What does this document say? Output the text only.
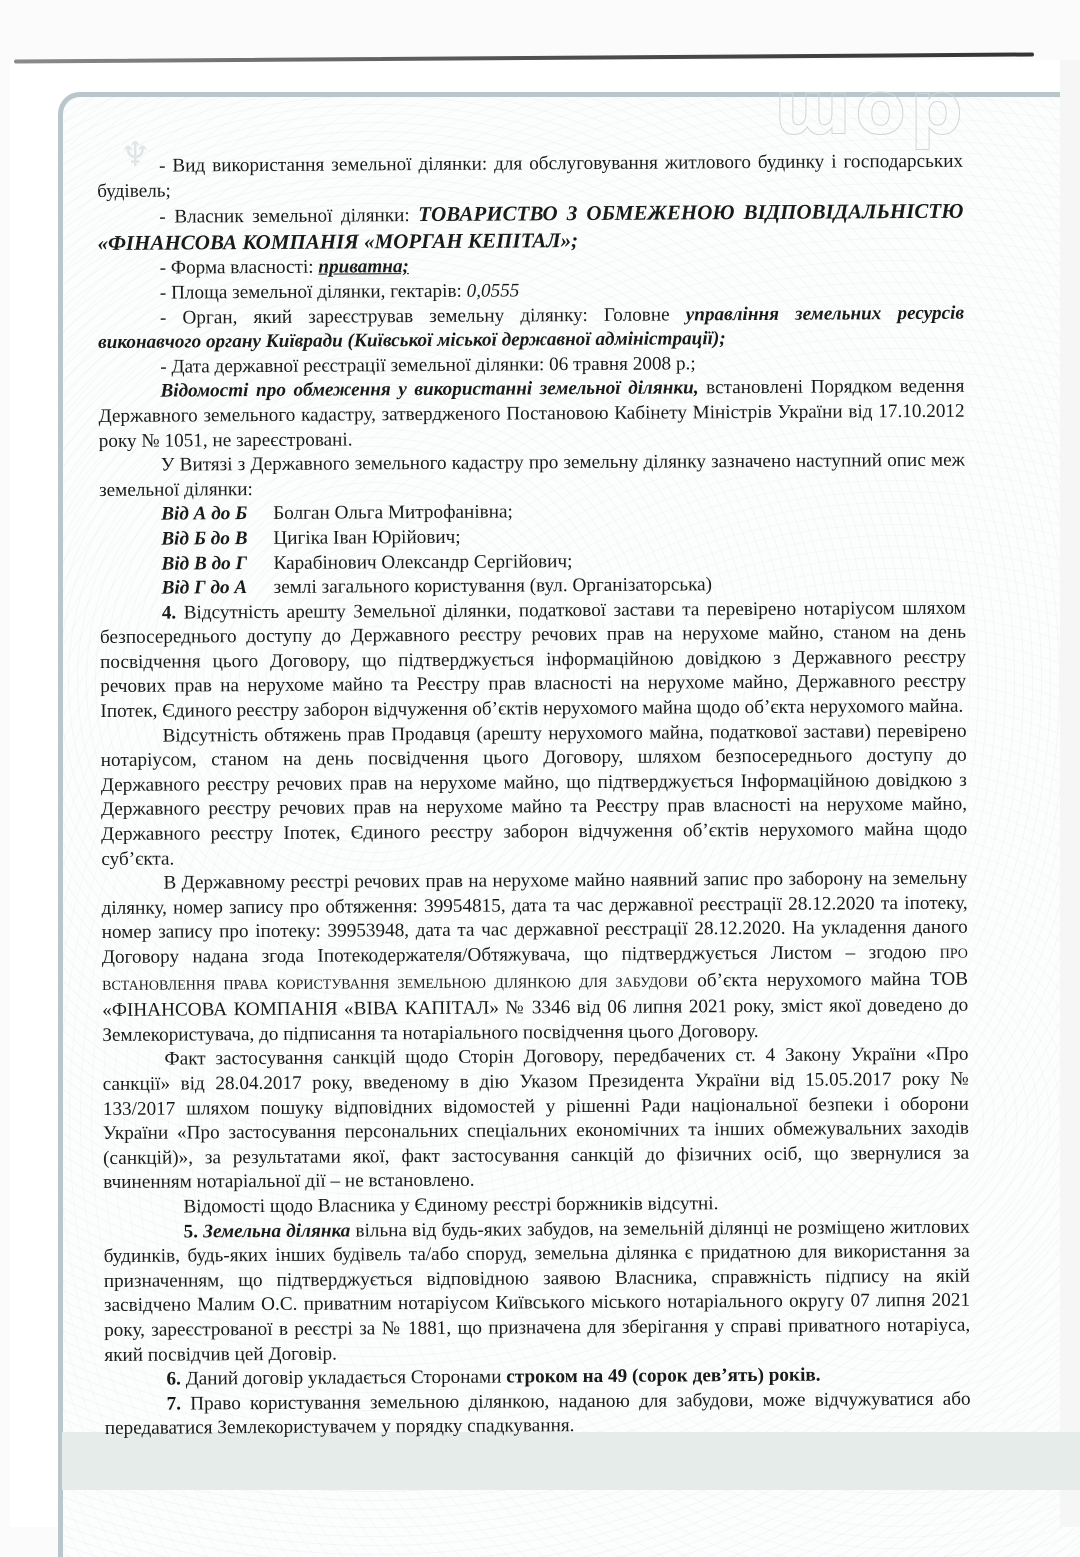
♆	dom

- Вид використання земельної ділянки: для обслуговування житлового будинку і господарських будівель;

- Власник земельної ділянки: ТОВАРИСТВО З ОБМЕЖЕНОЮ ВІДПОВІДАЛЬНІСТЮ «ФІНАНСОВА КОМПАНІЯ «МОРГАН КЕПІТАЛ»;

- Форма власності: приватна;

- Площа земельної ділянки, гектарів: 0,0555

- Орган, який зареєстрував земельну ділянку: Головне управління земельних ресурсів виконавчого органу Київради (Київської міської державної адміністрації);

- Дата державної реєстрації земельної ділянки: 06 травня 2008 р.;

Відомості про обмеження у використанні земельної ділянки, встановлені Порядком ведення Державного земельного кадастру, затвердженого Постановою Кабінету Міністрів України від 17.10.2012 року № 1051, не зареєстровані.

У Витязі з Державного земельного кадастру про земельну ділянку зазначено наступний опис меж земельної ділянки:

Від А до Б	Болган Ольга Митрофанівна;
Від Б до В	Цигіка Іван Юрійович;
Від В до Г	Карабінович Олександр Сергійович;
Від Г до А	землі загального користування (вул. Організаторська)

4. Відсутність арешту Земельної ділянки, податкової застави та перевірено нотаріусом шляхом безпосереднього доступу до Державного реєстру речових прав на нерухоме майно, станом на день посвідчення цього Договору, що підтверджується інформаційною довідкою з Державного реєстру речових прав на нерухоме майно та Реєстру прав власності на нерухоме майно, Державного реєстру Іпотек, Єдиного реєстру заборон відчуження об’єктів нерухомого майна щодо об’єкта нерухомого майна.

Відсутність обтяжень прав Продавця (арешту нерухомого майна, податкової застави) перевірено нотаріусом, станом на день посвідчення цього Договору, шляхом безпосереднього доступу до Державного реєстру речових прав на нерухоме майно, що підтверджується Інформаційною довідкою з Державного реєстру речових прав на нерухоме майно та Реєстру прав власності на нерухоме майно, Державного реєстру Іпотек, Єдиного реєстру заборон відчуження об’єктів нерухомого майна щодо суб’єкта.

В Державному реєстрі речових прав на нерухоме майно наявний запис про заборону на земельну ділянку, номер запису про обтяження: 39954815, дата та час державної реєстрації 28.12.2020 та іпотеку, номер запису про іпотеку: 39953948, дата та час державної реєстрації 28.12.2020. На укладення даного Договору надана згода Іпотекодержателя/Обтяжувача, що підтверджується Листом – згодою ПРО ВСТАНОВЛЕННЯ ПРАВА КОРИСТУВАННЯ ЗЕМЕЛЬНОЮ ДІЛЯНКОЮ ДЛЯ ЗАБУДОВИ об’єкта нерухомого майна ТОВ «ФІНАНСОВА КОМПАНІЯ «ВІВА КАПІТАЛ» № 3346 від 06 липня 2021 року, зміст якої доведено до Землекористувача, до підписання та нотаріального посвідчення цього Договору.

Факт застосування санкцій щодо Сторін Договору, передбачених ст. 4 Закону України «Про санкції» від 28.04.2017 року, введеному в дію Указом Президента України від 15.05.2017 року № 133/2017 шляхом пошуку відповідних відомостей у рішенні Ради національної безпеки і оборони України «Про застосування персональних спеціальних економічних та інших обмежувальних заходів (санкцій)», за результатами якої, факт застосування санкцій до фізичних осіб, що звернулися за вчиненням нотаріальної дії – не встановлено.

Відомості щодо Власника у Єдиному реєстрі боржників відсутні.

5. Земельна ділянка вільна від будь-яких забудов, на земельній ділянці не розміщено житлових будинків, будь-яких інших будівель та/або споруд, земельна ділянка є придатною для використання за призначенням, що підтверджується відповідною заявою Власника, справжність підпису на якій засвідчено Малим О.С. приватним нотаріусом Київського міського нотаріального округу 07 липня 2021 року, зареєстрованої в реєстрі за № 1881, що призначена для зберігання у справі приватного нотаріуса, який посвідчив цей Договір.

6. Даний договір укладається Сторонами строком на 49 (сорок дев’ять) років.

7. Право користування земельною ділянкою, наданою для забудови, може відчужуватися або передаватися Землекористувачем у порядку спадкування.
